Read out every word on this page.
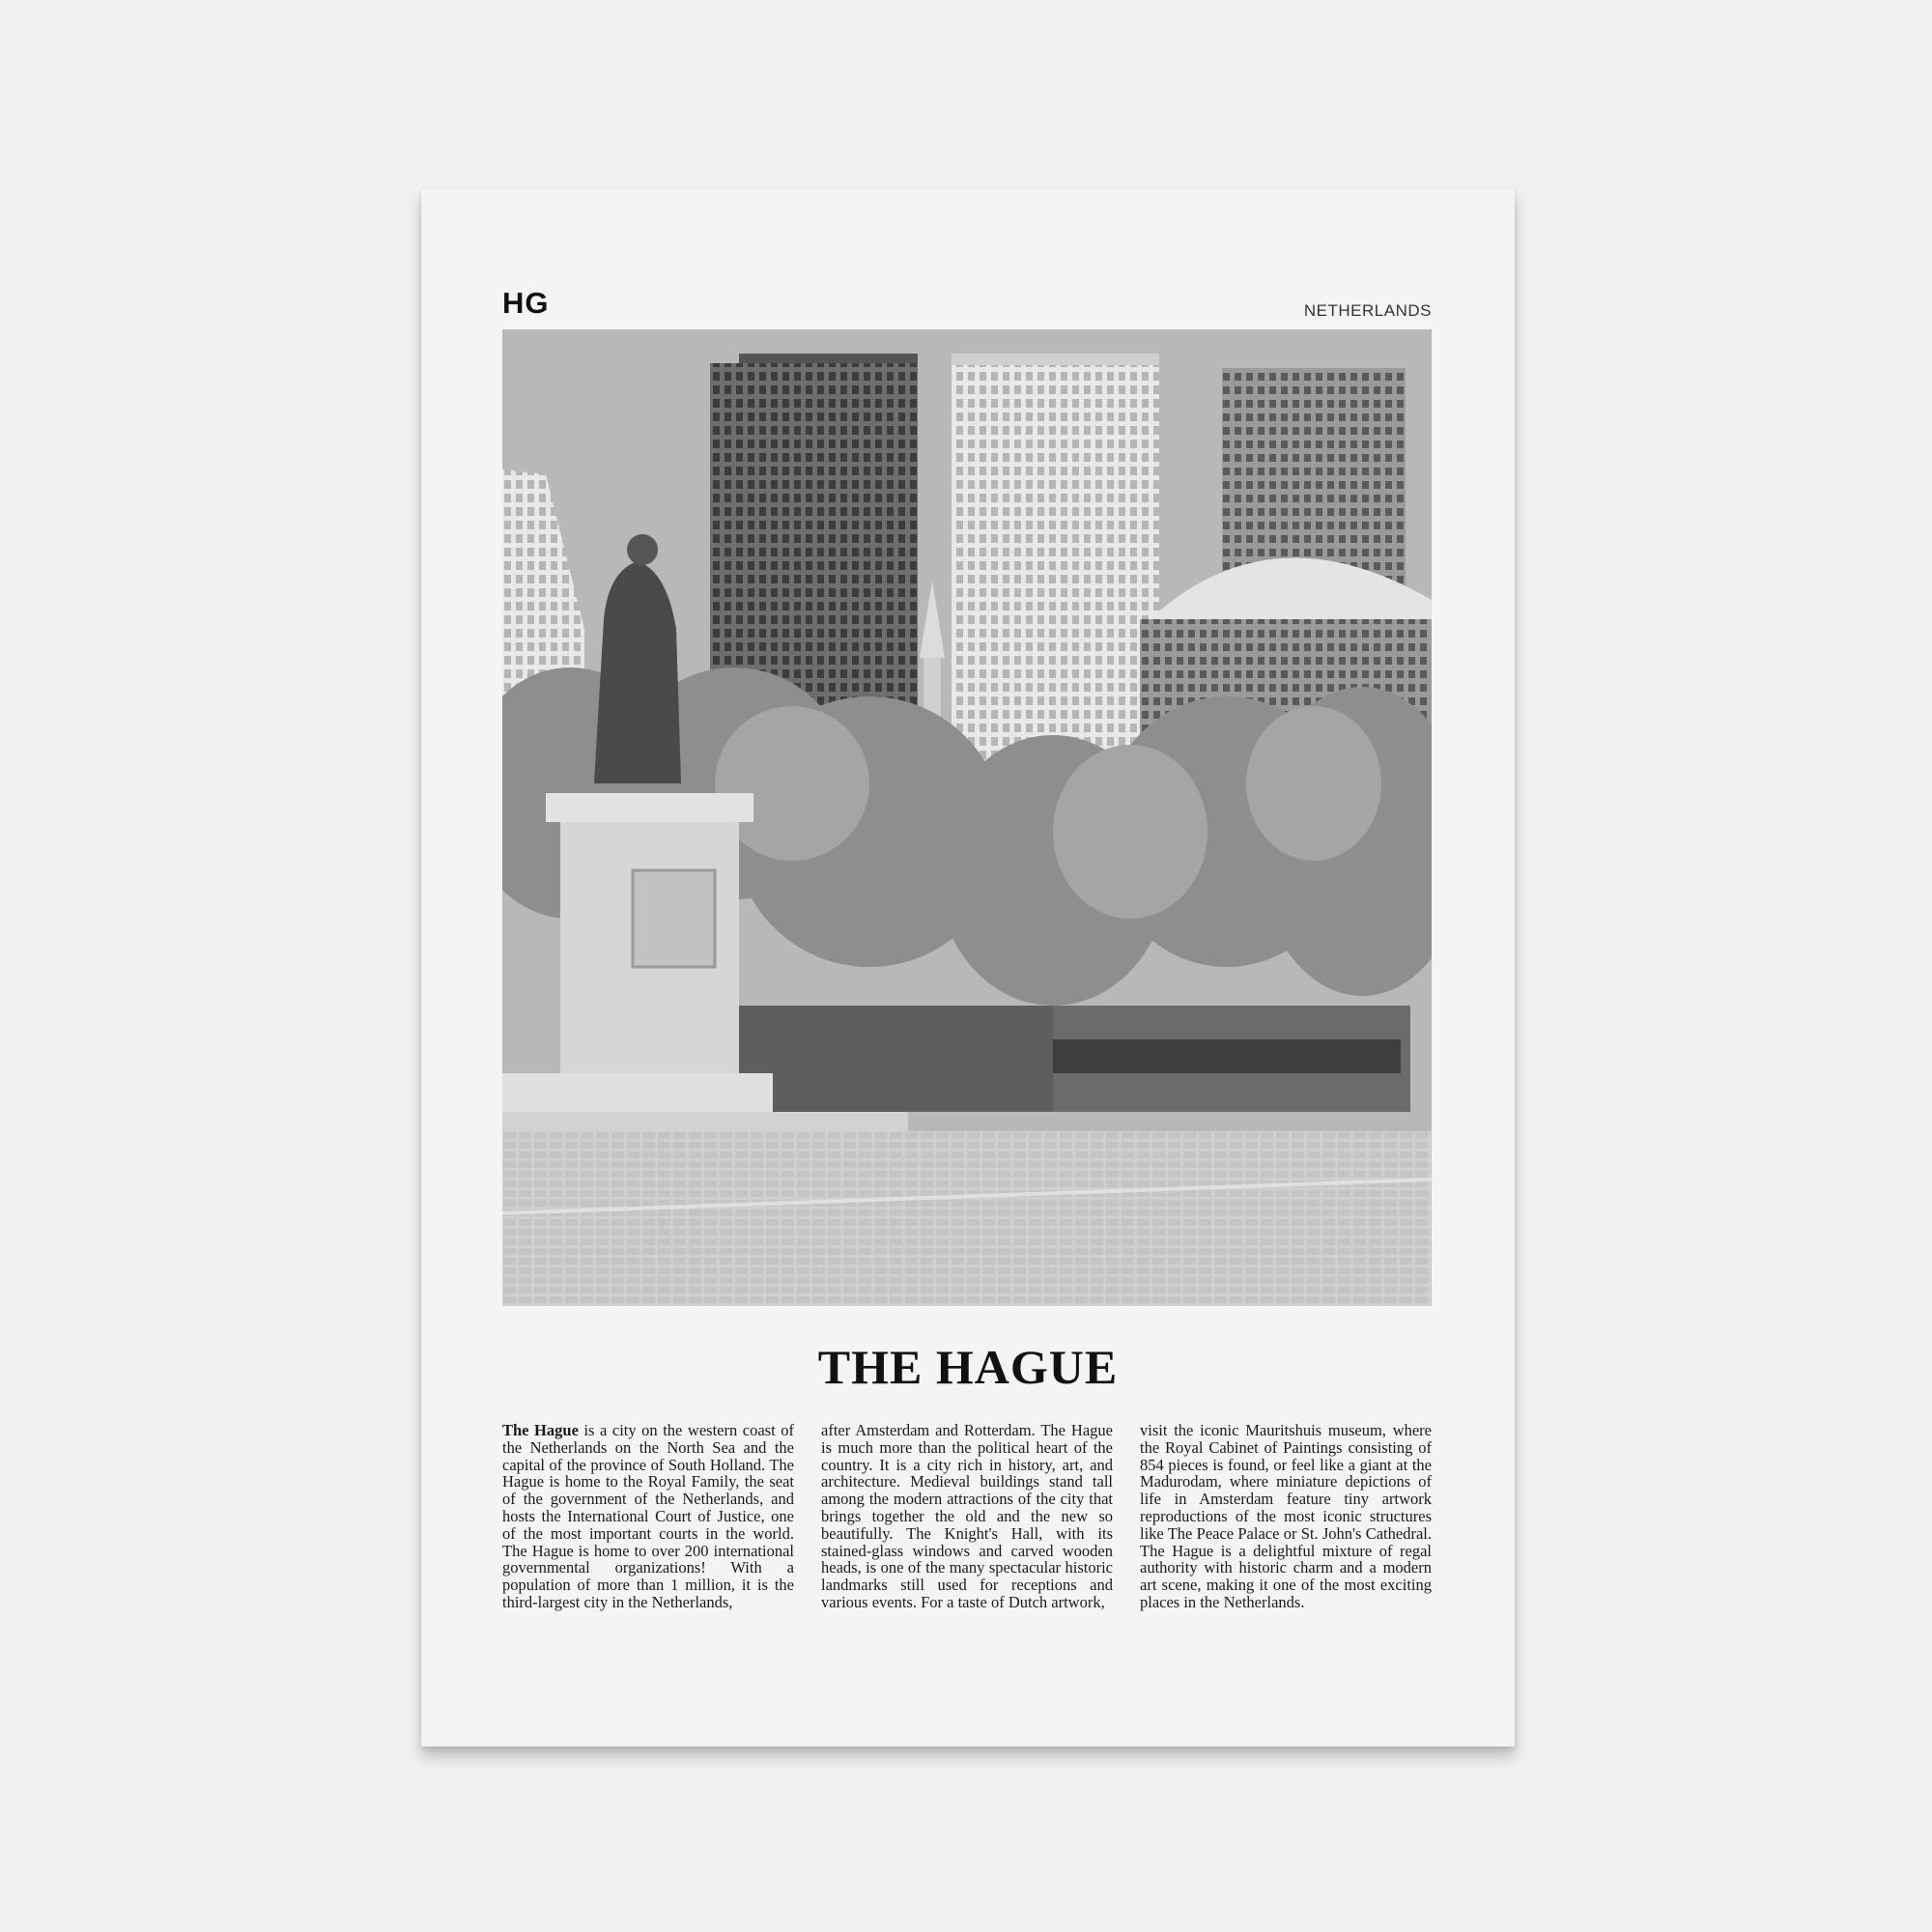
HG	NETHERLANDS
THE HAGUE

The Hague is a city on the western coast of the Netherlands on the North Sea and the capital of the province of South Holland. The Hague is home to the Royal Family, the seat of the government of the Netherlands, and hosts the International Court of Justice, one of the most important courts in the world. The Hague is home to over 200 international governmental organizations! With a population of more than 1 million, it is the third-largest city in the Netherlands,

after Amsterdam and Rotterdam. The Hague is much more than the political heart of the country. It is a city rich in history, art, and architecture. Medieval buildings stand tall among the modern attractions of the city that brings together the old and the new so beautifully. The Knight's Hall, with its stained-glass windows and carved wooden heads, is one of the many spectacular historic landmarks still used for receptions and various events. For a taste of Dutch artwork,

visit the iconic Mauritshuis museum, where the Royal Cabinet of Paintings consisting of 854 pieces is found, or feel like a giant at the Madurodam, where miniature depictions of life in Amsterdam feature tiny artwork reproductions of the most iconic structures like The Peace Palace or St. John's Cathedral. The Hague is a delightful mixture of regal authority with historic charm and a modern art scene, making it one of the most exciting places in the Netherlands.
